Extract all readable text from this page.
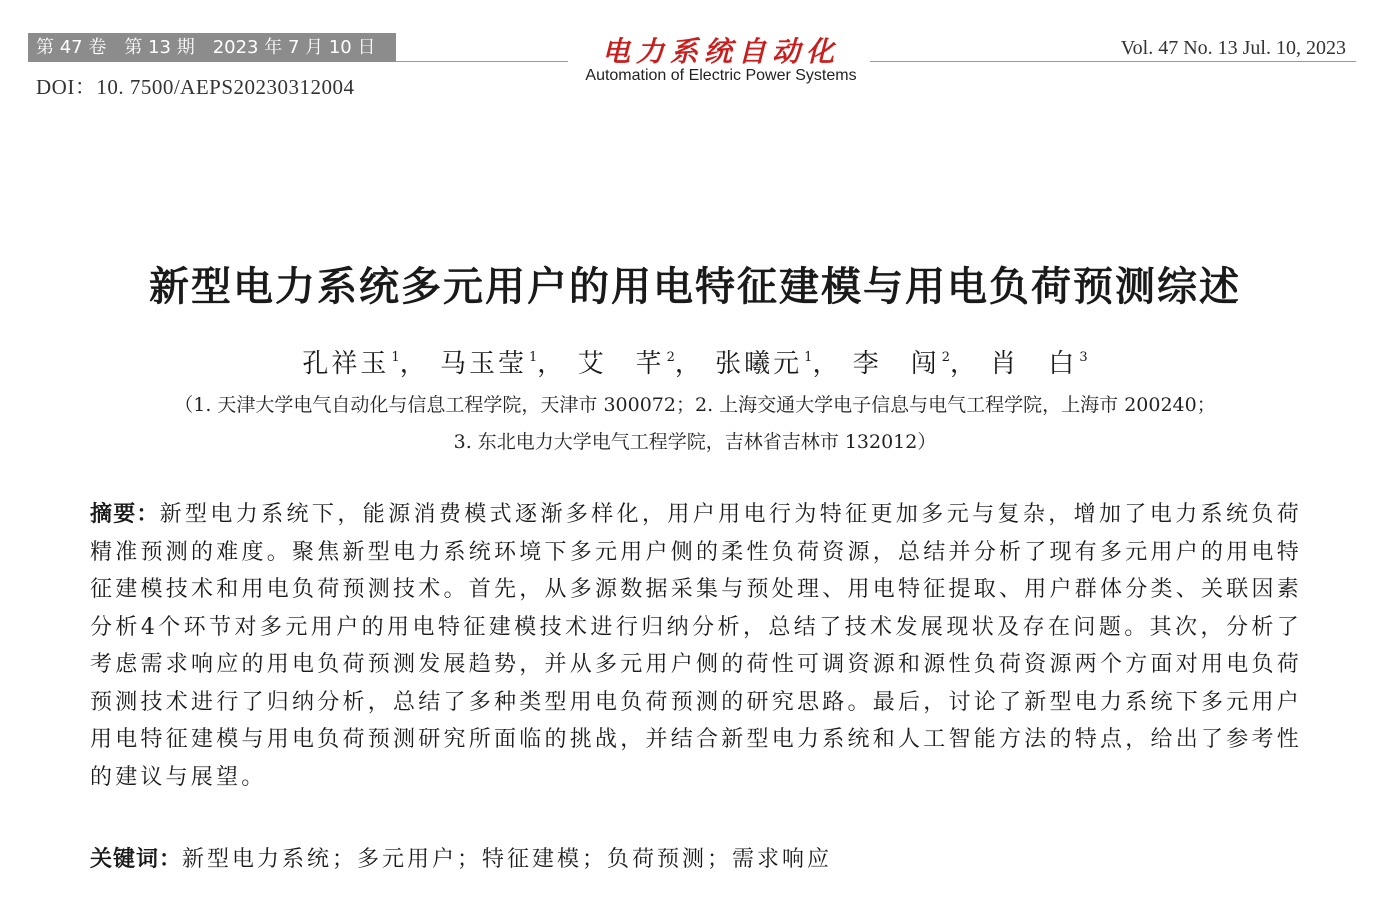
第 47 卷　第 13 期　2023 年 7 月 10 日	电力系统自动化
Automation of Electric Power Systems
Vol. 47 No. 13 Jul. 10, 2023
DOI：10. 7500/AEPS20230312004
新型电力系统多元用户的用电特征建模与用电负荷预测综述
孔祥玉 $^1$， 马玉莹 $^1$， 艾　芊 $^2$， 张曦元 $^1$， 李　闯 $^2$， 肖　白 $^3$
（1. 天津大学电气自动化与信息工程学院，天津市 300072；2. 上海交通大学电子信息与电气工程学院，上海市 200240；
3. 东北电力大学电气工程学院，吉林省吉林市 132012）
摘要：新型电力系统下，能源消费模式逐渐多样化，用户用电行为特征更加多元与复杂，增加了电力系统负荷精准预测的难度。聚焦新型电力系统环境下多元用户侧的柔性负荷资源，总结并分析了现有多元用户的用电特征建模技术和用电负荷预测技术。首先，从多源数据采集与预处理、用电特征提取、用户群体分类、关联因素分析4个环节对多元用户的用电特征建模技术进行归纳分析，总结了技术发展现状及存在问题。其次，分析了考虑需求响应的用电负荷预测发展趋势，并从多元用户侧的荷性可调资源和源性负荷资源两个方面对用电负荷预测技术进行了归纳分析，总结了多种类型用电负荷预测的研究思路。最后，讨论了新型电力系统下多元用户用电特征建模与用电负荷预测研究所面临的挑战，并结合新型电力系统和人工智能方法的特点，给出了参考性的建议与展望。
关键词：新型电力系统；多元用户；特征建模；负荷预测；需求响应
